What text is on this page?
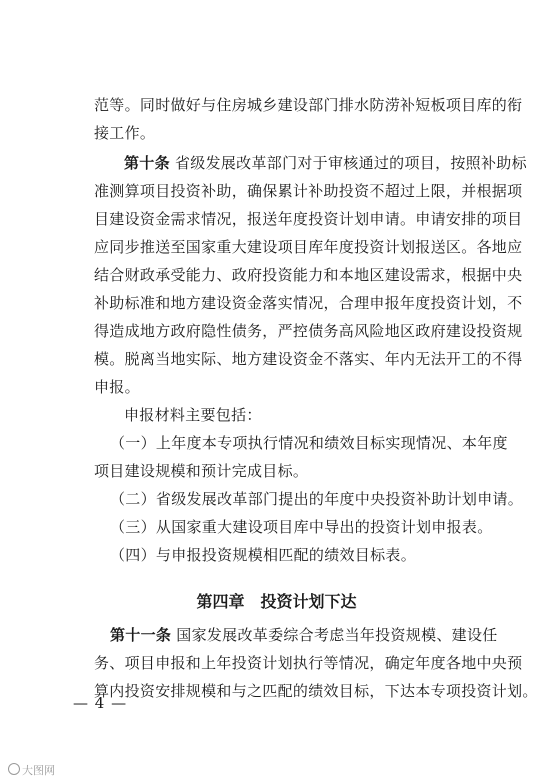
范等。同时做好与住房城乡建设部门排水防涝补短板项目库的衔
接工作。
第十条 省级发展改革部门对于审核通过的项目，按照补助标
准测算项目投资补助，确保累计补助投资不超过上限，并根据项
目建设资金需求情况，报送年度投资计划申请。申请安排的项目
应同步推送至国家重大建设项目库年度投资计划报送区。各地应
结合财政承受能力、政府投资能力和本地区建设需求，根据中央
补助标准和地方建设资金落实情况，合理申报年度投资计划，不
得造成地方政府隐性债务，严控债务高风险地区政府建设投资规
模。脱离当地实际、地方建设资金不落实、年内无法开工的不得
申报。
申报材料主要包括：
（一）上年度本专项执行情况和绩效目标实现情况、本年度
项目建设规模和预计完成目标。
（二）省级发展改革部门提出的年度中央投资补助计划申请。
（三）从国家重大建设项目库中导出的投资计划申报表。
（四）与申报投资规模相匹配的绩效目标表。
第四章　投资计划下达
第十一条 国家发展改革委综合考虑当年投资规模、建设任
务、项目申报和上年投资计划执行等情况，确定年度各地中央预
算内投资安排规模和与之匹配的绩效目标，下达本专项投资计划。
— 4 —
大图网
